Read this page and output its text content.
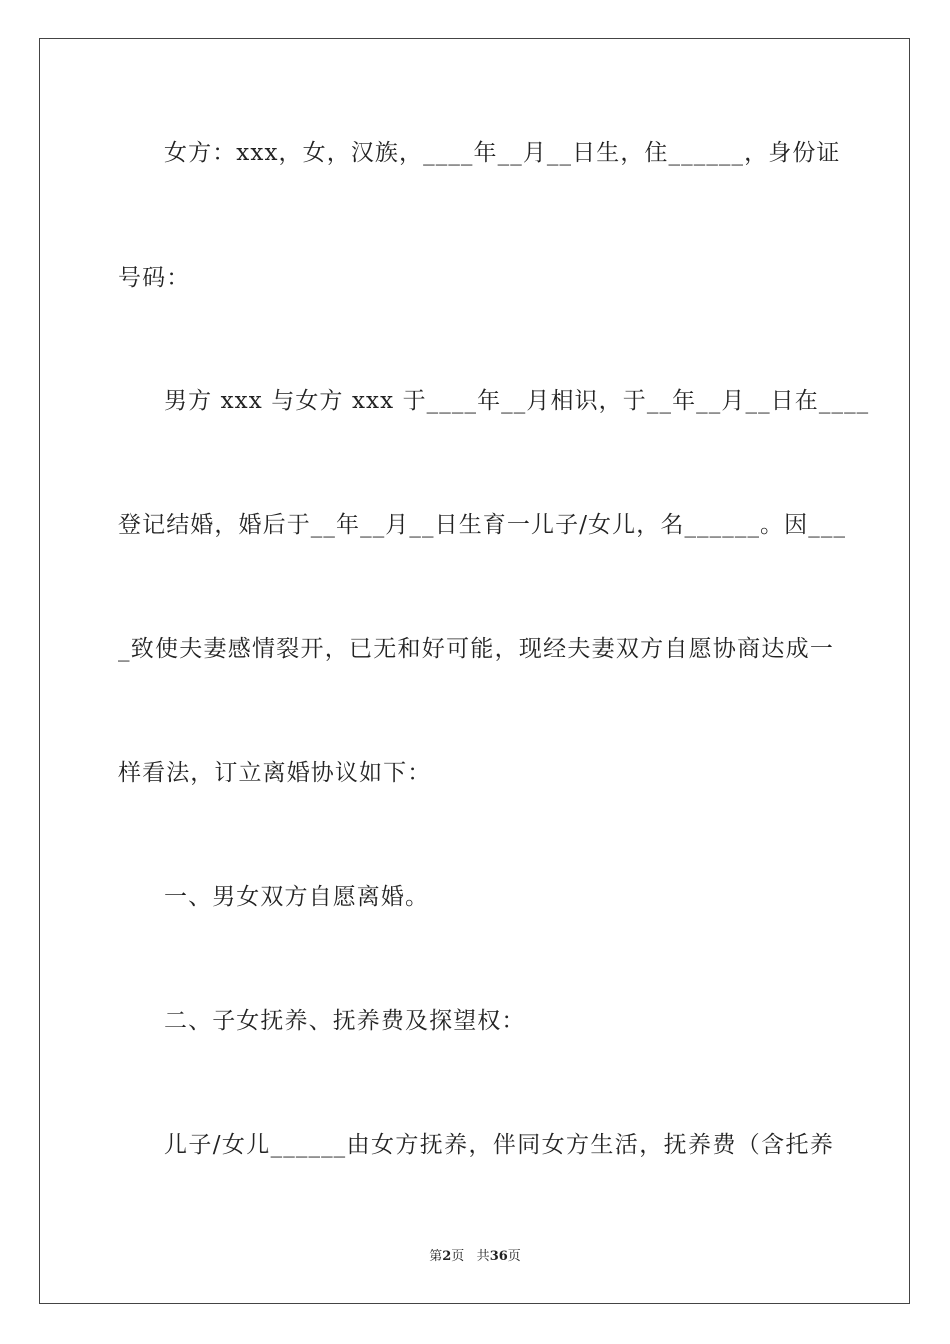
女方：xxx，女，汉族，____年__月__日生，住______，身份证
号码：
男方 xxx 与女方 xxx 于____年__月相识，于__年__月__日在____
登记结婚，婚后于__年__月__日生育一儿子/女儿，名______。因___
_致使夫妻感情裂开，已无和好可能，现经夫妻双方自愿协商达成一
样看法，订立离婚协议如下：
一、男女双方自愿离婚。
二、子女抚养、抚养费及探望权：
儿子/女儿______由女方抚养，伴同女方生活，抚养费（含托养
第2页 共36页
